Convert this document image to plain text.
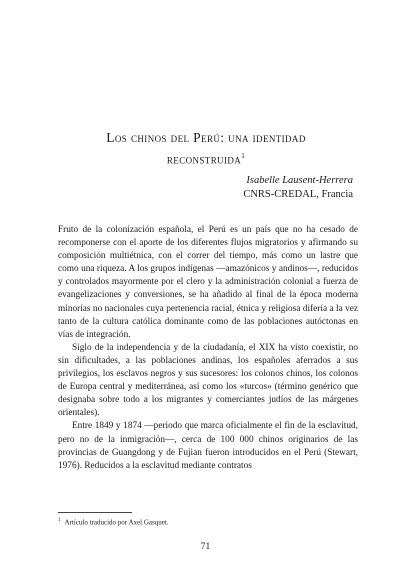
Los chinos del Perú: una identidad
reconstruida$^1$
Isabelle Lausent-Herrera
CNRS-CREDAL, Francia

Fruto de la colonización española, el Perú es un país que no ha cesado de recomponerse con el aporte de los diferentes flujos migratorios y afirmando su composición multiétnica, con el correr del tiempo, más como un lastre que como una riqueza. A los grupos indígenas —amazónicos y andinos—, reducidos y controlados mayormente por el clero y la administración colonial a fuerza de evangelizaciones y conversiones, se ha añadido al final de la época moderna minorías no nacionales cuya pertenencia racial, étnica y religiosa difería a la vez tanto de la cultura católica dominante como de las poblaciones autóctonas en vías de integración.

Siglo de la independencia y de la ciudadanía, el XIX ha visto coexistir, no sin dificultades, a las poblaciones andinas, los españoles aferrados a sus privilegios, los esclavos negros y sus sucesores: los colonos chinos, los colonos de Europa central y mediterránea, así como los «turcos» (término genérico que designaba sobre todo a los migrantes y comerciantes judíos de las márgenes orientales).

Entre 1849 y 1874 —periodo que marca oficialmente el fin de la esclavitud, pero no de la inmigración—, cerca de 100 000 chinos originarios de las provincias de Guangdong y de Fujian fueron introducidos en el Perú (Stewart, 1976). Reducidos a la esclavitud mediante contratos

$^1$ Artículo traducido por Axel Gasquet.
71
